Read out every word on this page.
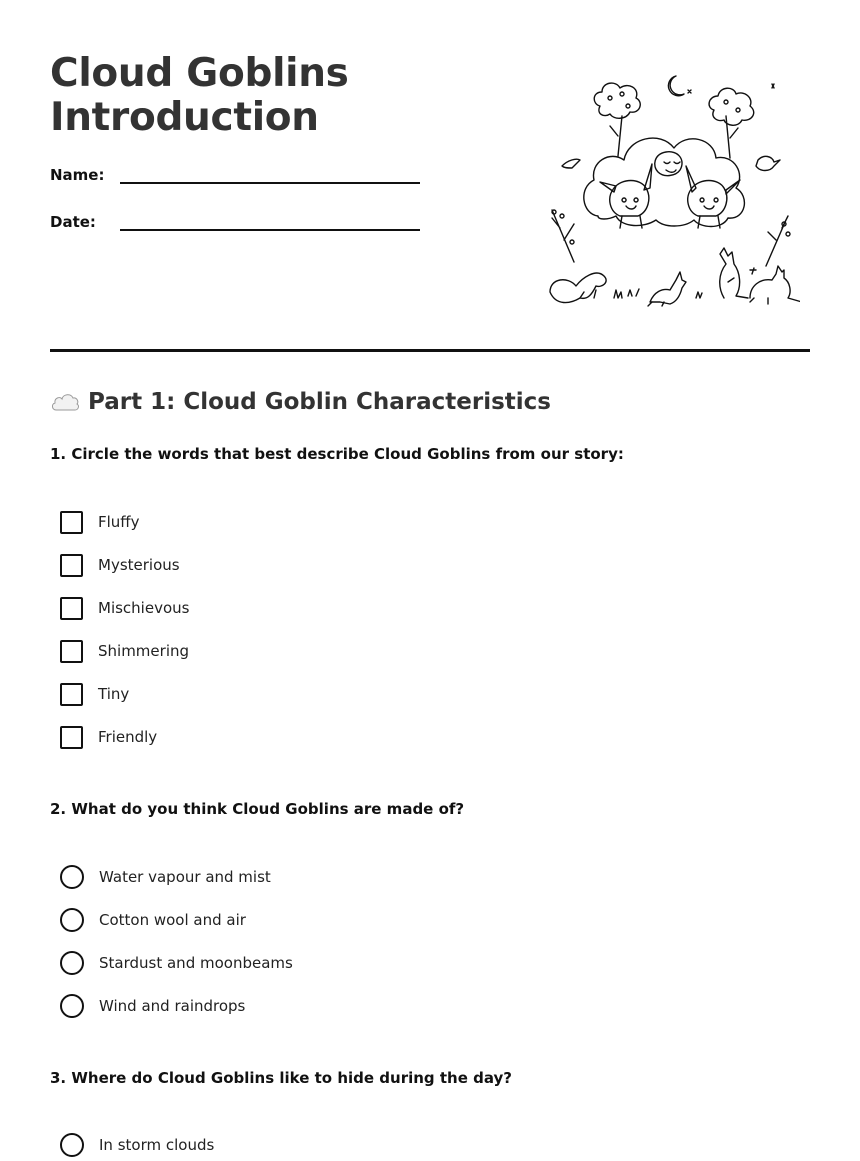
Cloud Goblins
Introduction
Name:
Date:
Part 1: Cloud Goblin Characteristics
1. Circle the words that best describe Cloud Goblins from our story:
Fluffy
Mysterious
Mischievous
Shimmering
Tiny
Friendly
2. What do you think Cloud Goblins are made of?
Water vapour and mist
Cotton wool and air
Stardust and moonbeams
Wind and raindrops
3. Where do Cloud Goblins like to hide during the day?
In storm clouds
